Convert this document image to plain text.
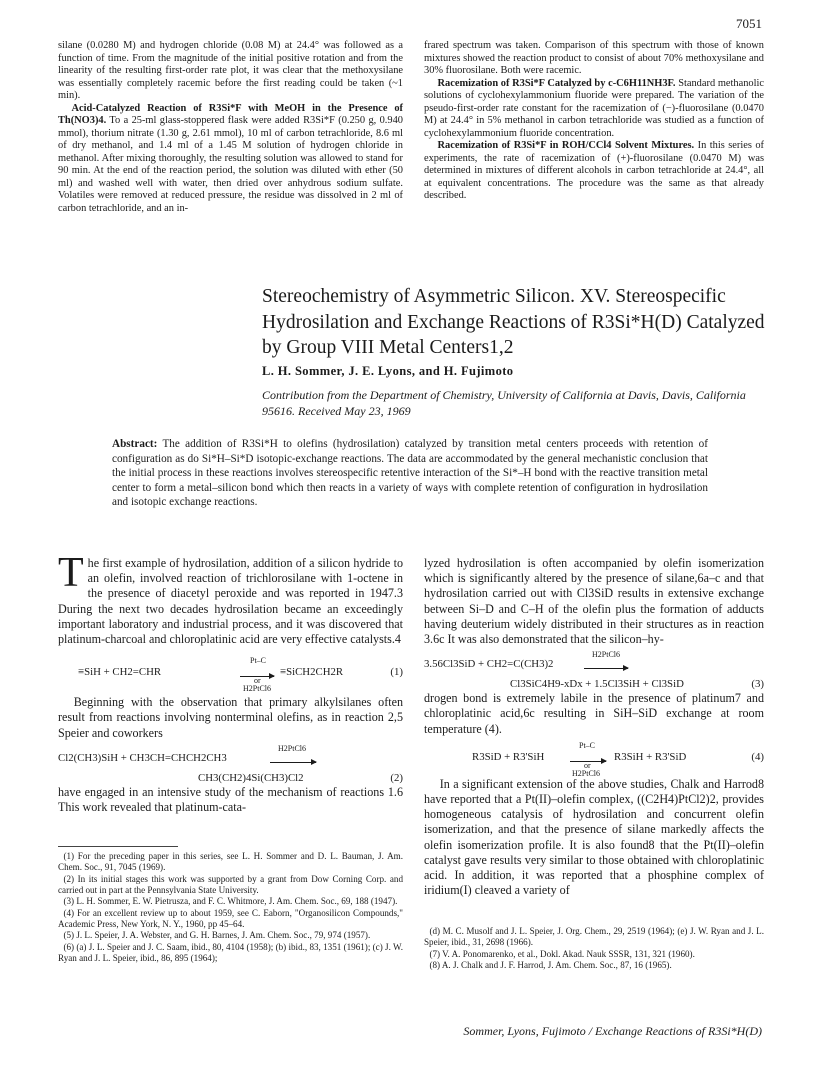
7051

silane (0.0280 M) and hydrogen chloride (0.08 M) at 24.4° was followed as a function of time. From the magnitude of the initial positive rotation and from the linearity of the resulting first-order rate plot, it was clear that the methoxysilane was essentially completely racemic before the first reading could be taken (~1 min).

Acid-Catalyzed Reaction of R3Si*F with MeOH in the Presence of Th(NO3)4. To a 25-ml glass-stoppered flask were added R3Si*F (0.250 g, 0.940 mmol), thorium nitrate (1.30 g, 2.61 mmol), 10 ml of carbon tetrachloride, 8.6 ml of dry methanol, and 1.4 ml of a 1.45 M solution of hydrogen chloride in methanol. After mixing thoroughly, the resulting solution was allowed to stand for 90 min. At the end of the reaction period, the solution was diluted with ether (50 ml) and washed well with water, then dried over anhydrous sodium sulfate. Volatiles were removed at reduced pressure, the residue was dissolved in 2 ml of carbon tetrachloride, and an in-

frared spectrum was taken. Comparison of this spectrum with those of known mixtures showed the reaction product to consist of about 70% methoxysilane and 30% fluorosilane. Both were racemic.

Racemization of R3Si*F Catalyzed by c-C6H11NH3F. Standard methanolic solutions of cyclohexylammonium fluoride were prepared. The variation of the pseudo-first-order rate constant for the racemization of (−)-fluorosilane (0.0470 M) at 24.4° in 5% methanol in carbon tetrachloride was studied as a function of cyclohexylammonium fluoride concentration.

Racemization of R3Si*F in ROH/CCl4 Solvent Mixtures. In this series of experiments, the rate of racemization of (+)-fluorosilane (0.0470 M) was determined in mixtures of different alcohols in carbon tetrachloride at 24.4°, all at equivalent concentrations. The procedure was the same as that already described.

Stereochemistry of Asymmetric Silicon. XV. Stereospecific Hydrosilation and Exchange Reactions of R3Si*H(D) Catalyzed by Group VIII Metal Centers1,2
L. H. Sommer, J. E. Lyons, and H. Fujimoto
Contribution from the Department of Chemistry, University of California at Davis, Davis, California 95616. Received May 23, 1969
Abstract: The addition of R3Si*H to olefins (hydrosilation) catalyzed by transition metal centers proceeds with retention of configuration as do Si*H–Si*D isotopic-exchange reactions. The data are accommodated by the general mechanistic conclusion that the initial process in these reactions involves stereospecific retentive interaction of the Si*–H bond with the reactive transition metal center to form a metal–silicon bond which then reacts in a variety of ways with complete retention of configuration in hydrosilation and isotopic exchange reactions.

The first example of hydrosilation, addition of a silicon hydride to an olefin, involved reaction of trichlorosilane with 1-octene in the presence of diacetyl peroxide and was reported in 1947.3 During the next two decades hydrosilation became an exceedingly important laboratory and industrial process, and it was discovered that platinum-charcoal and chloroplatinic acid are very effective catalysts.4

≡SiH + CH2=CHR
Pt–C
or
H2PtCl6
≡SiCH2CH2R	(1)

Beginning with the observation that primary alkylsilanes often result from reactions involving nonterminal olefins, as in reaction 2,5 Speier and coworkers

Cl2(CH3)SiH + CH3CH=CHCH2CH3
H2PtCl6
CH3(CH2)4Si(CH3)Cl2	(2)

have engaged in an intensive study of the mechanism of reactions 1.6 This work revealed that platinum-cata-

lyzed hydrosilation is often accompanied by olefin isomerization which is significantly altered by the presence of silane,6a–c and that hydrosilation carried out with Cl3SiD results in extensive exchange between Si–D and C–H of the olefin plus the formation of adducts having deuterium widely distributed in their structures as in reaction 3.6c It was also demonstrated that the silicon–hy-

3.56Cl3SiD + CH2=C(CH3)2
H2PtCl6
Cl3SiC4H9-xDx + 1.5Cl3SiH + Cl3SiD	(3)

drogen bond is extremely labile in the presence of platinum7 and chloroplatinic acid,6c resulting in SiH–SiD exchange at room temperature (4).

R3SiD + R3'SiH
Pt–C
or
H2PtCl6
R3SiH + R3'SiD	(4)

In a significant extension of the above studies, Chalk and Harrod8 have reported that a Pt(II)–olefin complex, ((C2H4)PtCl2)2, provides homogeneous catalysis of hydrosilation and concurrent olefin isomerization, and that the presence of silane markedly affects the olefin isomerization profile. It is also found8 that the Pt(II)–olefin catalyst gave results very similar to those obtained with chloroplatinic acid. In addition, it was reported that a phosphine complex of iridium(I) cleaved a variety of

(1) For the preceding paper in this series, see L. H. Sommer and D. L. Bauman, J. Am. Chem. Soc., 91, 7045 (1969).

(2) In its initial stages this work was supported by a grant from Dow Corning Corp. and carried out in part at the Pennsylvania State University.

(3) L. H. Sommer, E. W. Pietrusza, and F. C. Whitmore, J. Am. Chem. Soc., 69, 188 (1947).

(4) For an excellent review up to about 1959, see C. Eaborn, "Organosilicon Compounds," Academic Press, New York, N. Y., 1960, pp 45–64.

(5) J. L. Speier, J. A. Webster, and G. H. Barnes, J. Am. Chem. Soc., 79, 974 (1957).

(6) (a) J. L. Speier and J. C. Saam, ibid., 80, 4104 (1958); (b) ibid., 83, 1351 (1961); (c) J. W. Ryan and J. L. Speier, ibid., 86, 895 (1964);

(d) M. C. Musolf and J. L. Speier, J. Org. Chem., 29, 2519 (1964); (e) J. W. Ryan and J. L. Speier, ibid., 31, 2698 (1966).

(7) V. A. Ponomarenko, et al., Dokl. Akad. Nauk SSSR, 131, 321 (1960).

(8) A. J. Chalk and J. F. Harrod, J. Am. Chem. Soc., 87, 16 (1965).

Sommer, Lyons, Fujimoto / Exchange Reactions of R3Si*H(D)
